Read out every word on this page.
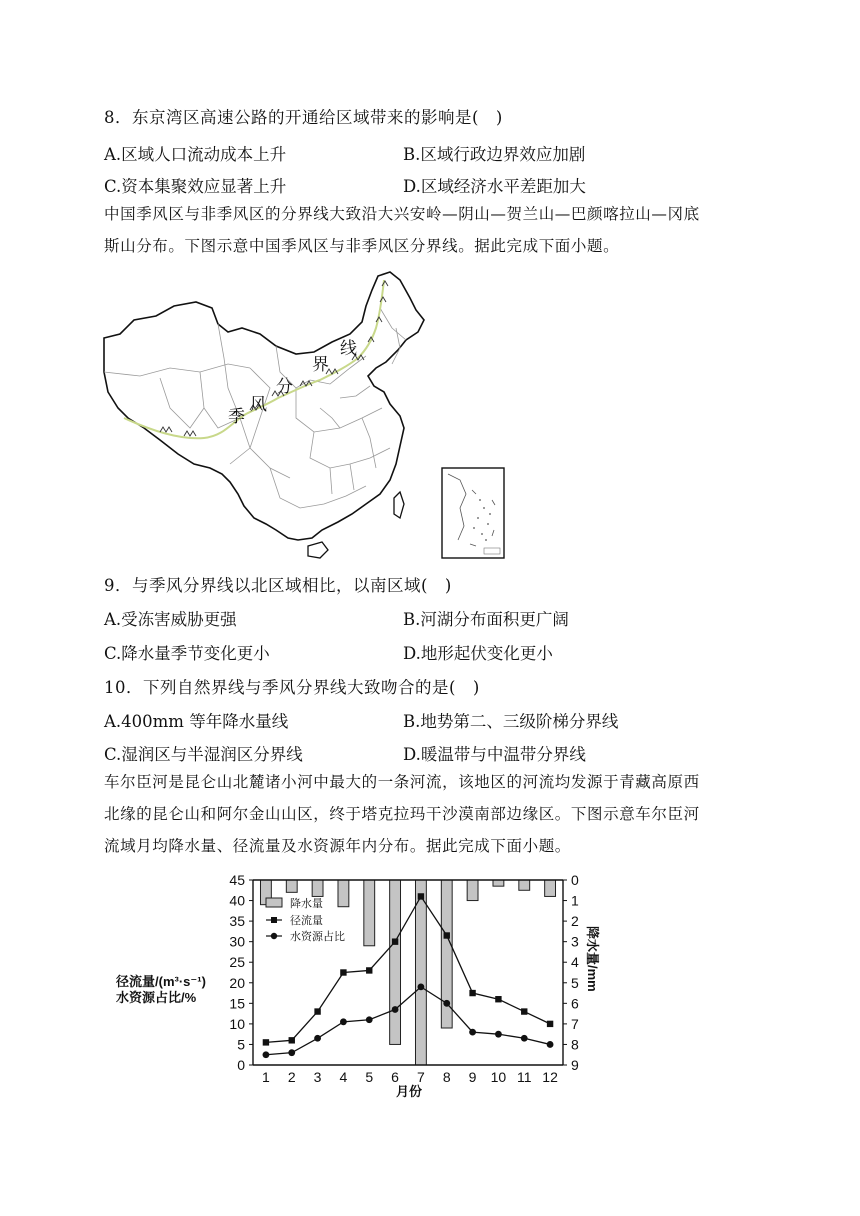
8．东京湾区高速公路的开通给区域带来的影响是(　)
A.区域人口流动成本上升	B.区域行政边界效应加剧
C.资本集聚效应显著上升	D.区域经济水平差距加大
中国季风区与非季风区的分界线大致沿大兴安岭—阴山—贺兰山—巴颜喀拉山—冈底
斯山分布。下图示意中国季风区与非季风区分界线。据此完成下面小题。
季
风
分
界
线
9．与季风分界线以北区域相比，以南区域(　)
A.受冻害威胁更强	B.河湖分布面积更广阔
C.降水量季节变化更小	D.地形起伏变化更小
10．下列自然界线与季风分界线大致吻合的是(　)
A.400mm 等年降水量线	B.地势第二、三级阶梯分界线
C.湿润区与半湿润区分界线	D.暖温带与中温带分界线
车尔臣河是昆仑山北麓诸小河中最大的一条河流，该地区的河流均发源于青藏高原西
北缘的昆仑山和阿尔金山山区，终于塔克拉玛干沙漠南部边缘区。下图示意车尔臣河
流域月均降水量、径流量及水资源年内分布。据此完成下面小题。
0
5
10
15
20
25
30
35
40
45	0
1
2
3
4
5
6
7
8
9
1 2 3 4 5 6 7 8 9 10 11 12
降水量
径流量
水资源占比
径流量/(m³·s⁻¹)
水资源占比/%
降水量/mm
月份
